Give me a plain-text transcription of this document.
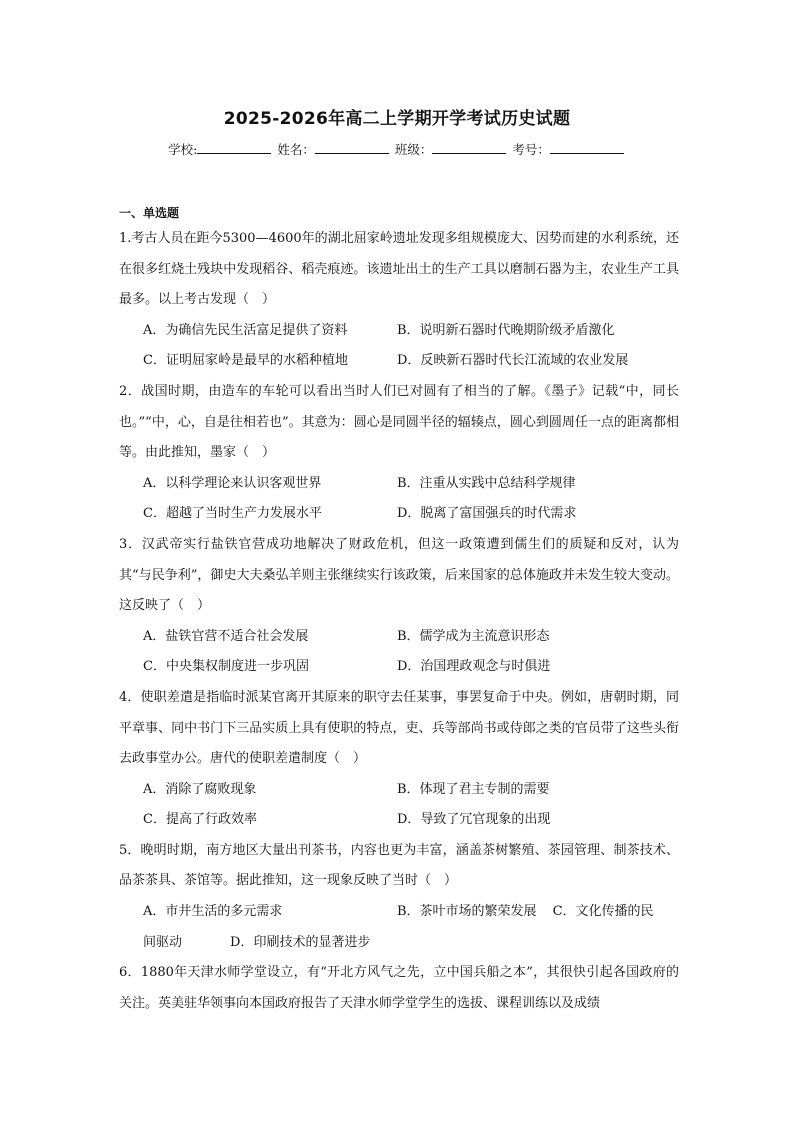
2025-2026年高二上学期开学考试历史试题
学校:	姓名：	班级：	考号：
一、单选题

1.考古人员在距今5300—4600年的湖北屈家岭遗址发现多组规模庞大、因势而建的水利系统，还在很多红烧土残块中发现稻谷、稻壳痕迹。该遗址出土的生产工具以磨制石器为主，农业生产工具最多。以上考古发现（　）

A．为确信先民生活富足提供了资料	B．说明新石器时代晚期阶级矛盾激化
C．证明屈家岭是最早的水稻种植地	D．反映新石器时代长江流域的农业发展

2．战国时期，由造车的车轮可以看出当时人们已对圆有了相当的了解。《墨子》记载“中，同长也。”“中，心，自是往相若也”。其意为：圆心是同圆半径的辐辏点，圆心到圆周任一点的距离都相等。由此推知，墨家（　）

A．以科学理论来认识客观世界	B．注重从实践中总结科学规律
C．超越了当时生产力发展水平	D．脱离了富国强兵的时代需求

3．汉武帝实行盐铁官营成功地解决了财政危机，但这一政策遭到儒生们的质疑和反对，认为其“与民争利”，御史大夫桑弘羊则主张继续实行该政策，后来国家的总体施政并未发生较大变动。这反映了（　）

A．盐铁官营不适合社会发展	B．儒学成为主流意识形态
C．中央集权制度进一步巩固	D．治国理政观念与时俱进

4．使职差遣是指临时派某官离开其原来的职守去任某事，事罢复命于中央。例如，唐朝时期，同平章事、同中书门下三品实质上具有使职的特点，吏、兵等部尚书或侍郎之类的官员带了这些头衔去政事堂办公。唐代的使职差遣制度（　）

A．消除了腐败现象	B．体现了君主专制的需要
C．提高了行政效率	D．导致了冗官现象的出现

5．晚明时期，南方地区大量出刊茶书，内容也更为丰富，涵盖茶树繁殖、茶园管理、制茶技术、品茶茶具、茶馆等。据此推知，这一现象反映了当时（　）

A．市井生活的多元需求	B．茶叶市场的繁荣发展 C．文化传播的民
间驱动	D．印刷技术的显著进步

6．1880年天津水师学堂设立，有“开北方风气之先，立中国兵船之本”，其很快引起各国政府的关注。英美驻华领事向本国政府报告了天津水师学堂学生的选拔、课程训练以及成绩
